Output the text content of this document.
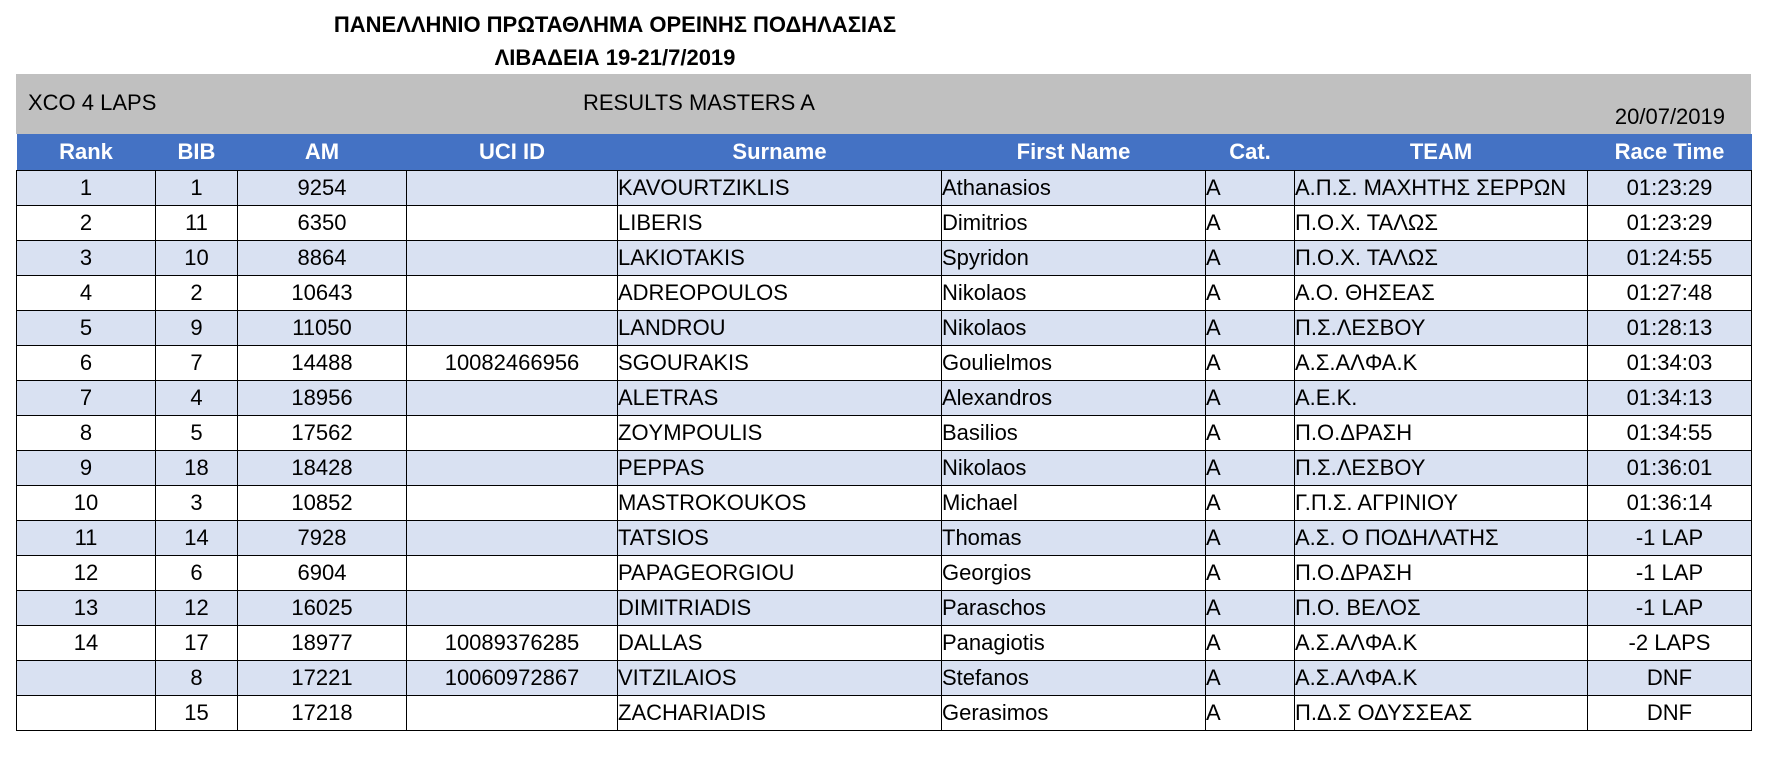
ΠΑΝΕΛΛΗΝΙΟ ΠΡΩΤΑΘΛΗΜΑ ΟΡΕΙΝΗΣ ΠΟΔΗΛΑΣΙΑΣ
ΛΙΒΑΔΕΙΑ 19-21/7/2019
XCO 4 LAPS	RESULTS MASTERS A
20/07/2019
Rank	BIB	AM	UCI ID	Surname	First Name	Cat.	TEAM	Race Time
1	1	9254		KAVOURTZIKLIS	Athanasios	A	Α.Π.Σ. ΜΑΧΗΤΗΣ ΣΕΡΡΩΝ	01:23:29
2	11	6350		LIBERIS	Dimitrios	A	Π.Ο.Χ. ΤΑΛΩΣ	01:23:29
3	10	8864		LAKIOTAKIS	Spyridon	A	Π.Ο.Χ. ΤΑΛΩΣ	01:24:55
4	2	10643		ADREOPOULOS	Nikolaos	A	Α.Ο. ΘΗΣΕΑΣ	01:27:48
5	9	11050		LANDROU	Nikolaos	A	Π.Σ.ΛΕΣΒΟΥ	01:28:13
6	7	14488	10082466956	SGOURAKIS	Goulielmos	A	Α.Σ.ΑΛΦΑ.Κ	01:34:03
7	4	18956		ALETRAS	Alexandros	A	Α.Ε.Κ.	01:34:13
8	5	17562		ZOYMPOULIS	Basilios	A	Π.Ο.ΔΡΑΣΗ	01:34:55
9	18	18428		PEPPAS	Nikolaos	A	Π.Σ.ΛΕΣΒΟΥ	01:36:01
10	3	10852		MASTROKOUKOS	Michael	A	Γ.Π.Σ. ΑΓΡΙΝΙΟΥ	01:36:14
11	14	7928		TATSIOS	Thomas	A	Α.Σ. Ο ΠΟΔΗΛΑΤΗΣ	-1 LAP
12	6	6904		PAPAGEORGIOU	Georgios	A	Π.Ο.ΔΡΑΣΗ	-1 LAP
13	12	16025		DIMITRIADIS	Paraschos	A	Π.Ο. ΒΕΛΟΣ	-1 LAP
14	17	18977	10089376285	DALLAS	Panagiotis	A	Α.Σ.ΑΛΦΑ.Κ	-2 LAPS
	8	17221	10060972867	VITZILAIOS	Stefanos	A	Α.Σ.ΑΛΦΑ.Κ	DNF
	15	17218		ZACHARIADIS	Gerasimos	A	Π.Δ.Σ ΟΔΥΣΣΕΑΣ	DNF
